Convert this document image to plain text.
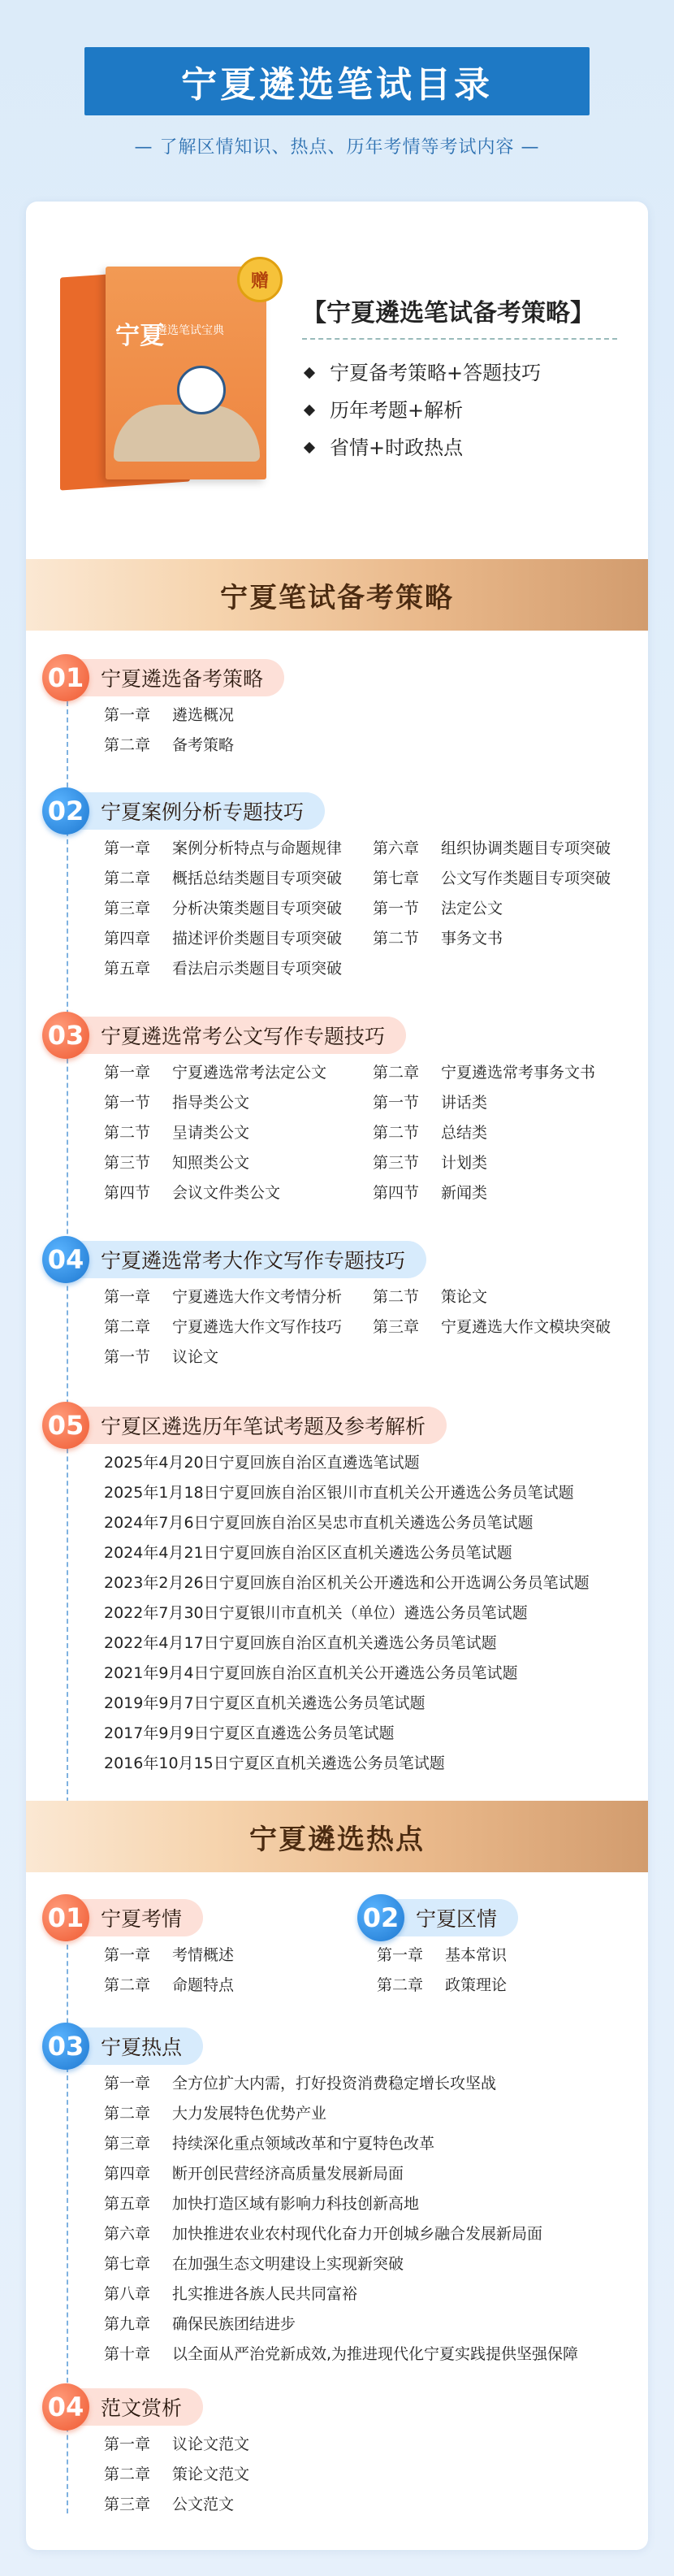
宁夏遴选笔试目录
— 了解区情知识、热点、历年考情等考试内容 —
宁夏
遴选笔试宝典
赠
【宁夏遴选笔试备考策略】
宁夏备考策略+答题技巧
历年考题+解析
省情+时政热点
宁夏笔试备考策略
01 宁夏遴选备考策略
第一章	遴选概况
第二章	备考策略
02 宁夏案例分析专题技巧
第一章	案例分析特点与命题规律
第二章	概括总结类题目专项突破
第三章	分析决策类题目专项突破
第四章	描述评价类题目专项突破
第五章	看法启示类题目专项突破
第六章	组织协调类题目专项突破
第七章	公文写作类题目专项突破
第一节	法定公文
第二节	事务文书
03 宁夏遴选常考公文写作专题技巧
第一章	宁夏遴选常考法定公文
第一节	指导类公文
第二节	呈请类公文
第三节	知照类公文
第四节	会议文件类公文
第二章	宁夏遴选常考事务文书
第一节	讲话类
第二节	总结类
第三节	计划类
第四节	新闻类
04 宁夏遴选常考大作文写作专题技巧
第一章	宁夏遴选大作文考情分析
第二章	宁夏遴选大作文写作技巧
第一节	议论文
第二节	策论文
第三章	宁夏遴选大作文模块突破
05 宁夏区遴选历年笔试考题及参考解析
2025年4月20日宁夏回族自治区直遴选笔试题
2025年1月18日宁夏回族自治区银川市直机关公开遴选公务员笔试题
2024年7月6日宁夏回族自治区吴忠市直机关遴选公务员笔试题
2024年4月21日宁夏回族自治区区直机关遴选公务员笔试题
2023年2月26日宁夏回族自治区机关公开遴选和公开选调公务员笔试题
2022年7月30日宁夏银川市直机关（单位）遴选公务员笔试题
2022年4月17日宁夏回族自治区直机关遴选公务员笔试题
2021年9月4日宁夏回族自治区直机关公开遴选公务员笔试题
2019年9月7日宁夏区直机关遴选公务员笔试题
2017年9月9日宁夏区直遴选公务员笔试题
2016年10月15日宁夏区直机关遴选公务员笔试题
宁夏遴选热点
01 宁夏考情
第一章	考情概述
第二章	命题特点
02 宁夏区情
第一章	基本常识
第二章	政策理论
03 宁夏热点
第一章	全方位扩大内需，打好投资消费稳定增长攻坚战
第二章	大力发展特色优势产业
第三章	持续深化重点领域改革和宁夏特色改革
第四章	断开创民营经济高质量发展新局面
第五章	加快打造区域有影响力科技创新高地
第六章	加快推进农业农村现代化奋力开创城乡融合发展新局面
第七章	在加强生态文明建设上实现新突破
第八章	扎实推进各族人民共同富裕
第九章	确保民族团结进步
第十章	以全面从严治党新成效,为推进现代化宁夏实践提供坚强保障
04 范文赏析
第一章	议论文范文
第二章	策论文范文
第三章	公文范文
